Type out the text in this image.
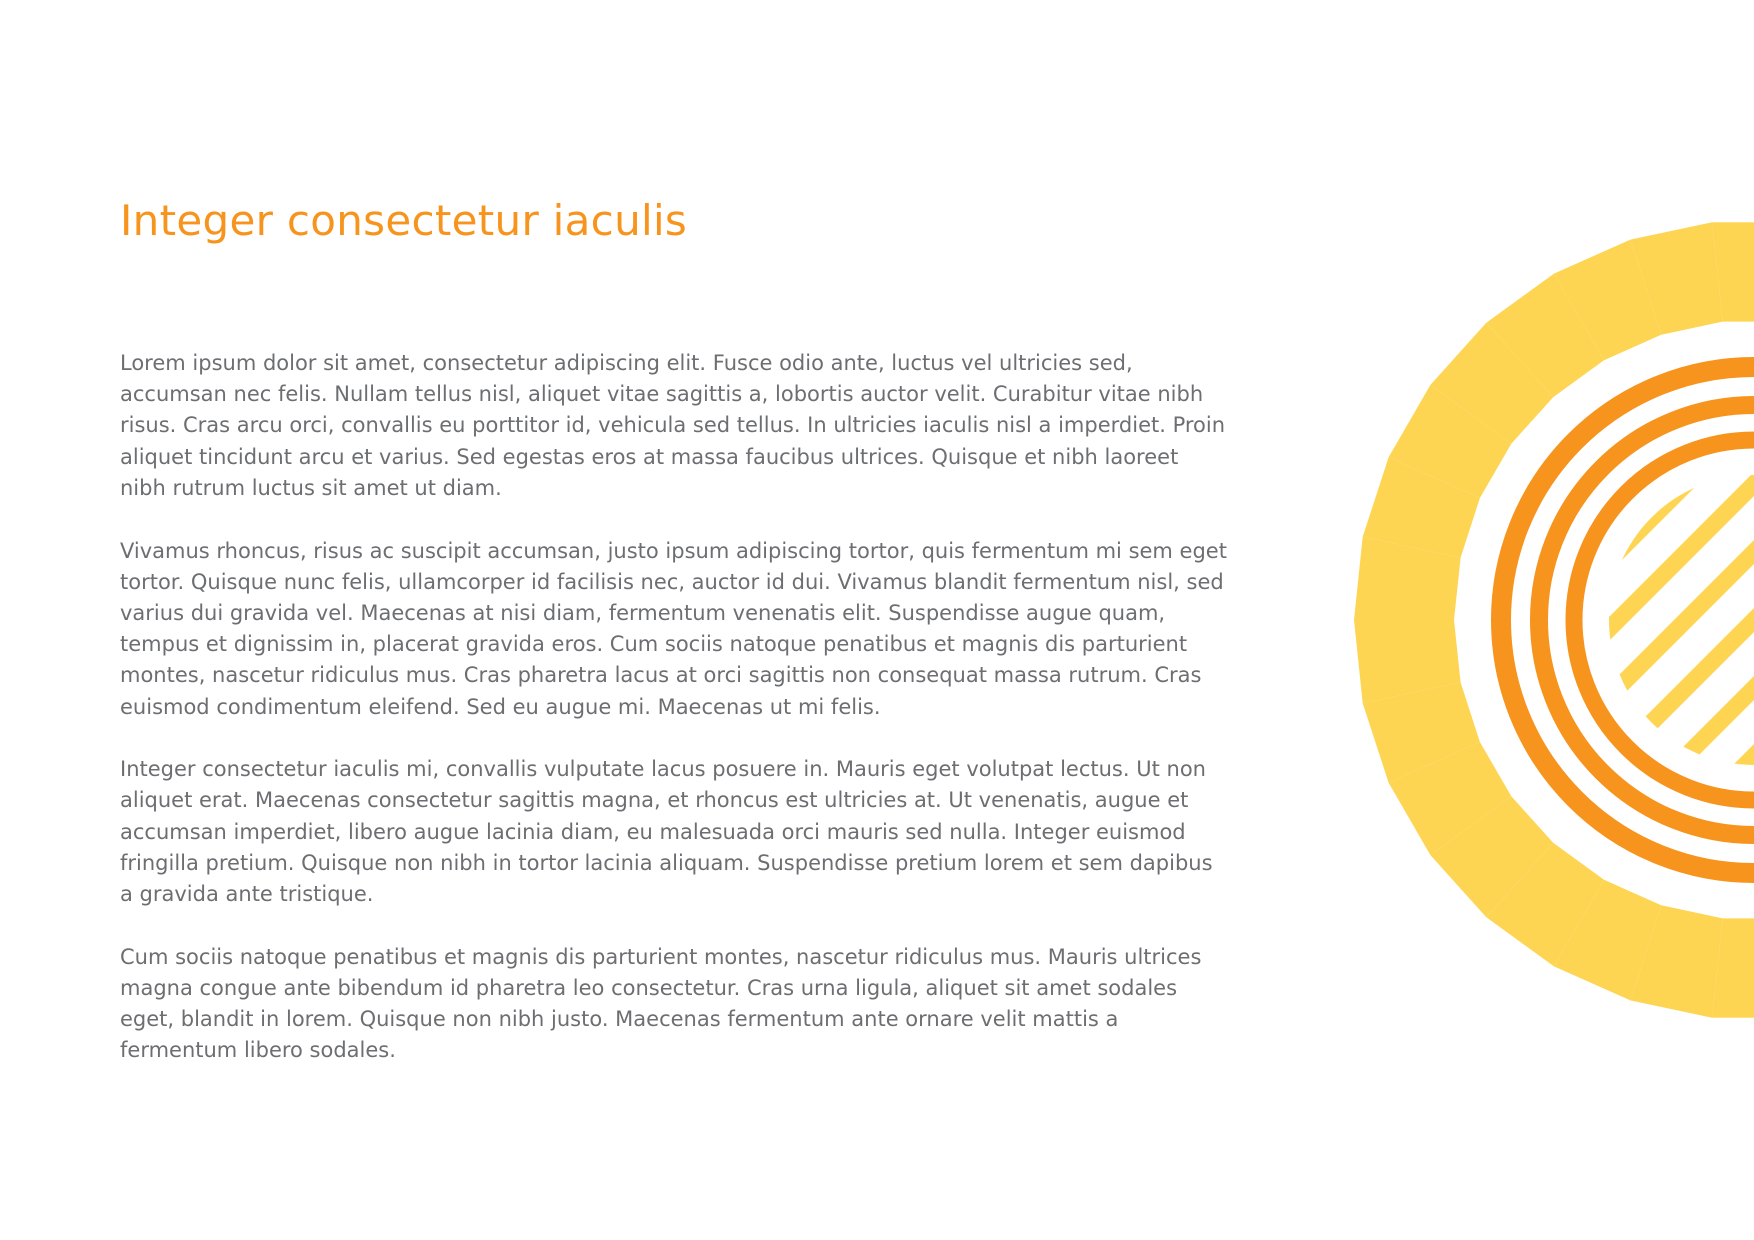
Integer consectetur iaculis

Lorem ipsum dolor sit amet, consectetur adipiscing elit. Fusce odio ante, luctus vel ultricies sed, accumsan nec felis. Nullam tellus nisl, aliquet vitae sagittis a, lobortis auctor velit. Curabitur vitae nibh risus. Cras arcu orci, convallis eu porttitor id, vehicula sed tellus. In ultricies iaculis nisl a imperdiet. Proin aliquet tincidunt arcu et varius. Sed egestas eros at massa faucibus ultrices. Quisque et nibh laoreet nibh rutrum luctus sit amet ut diam.

Vivamus rhoncus, risus ac suscipit accumsan, justo ipsum adipiscing tortor, quis fermentum mi sem eget tortor. Quisque nunc felis, ullamcorper id facilisis nec, auctor id dui. Vivamus blandit fermentum nisl, sed varius dui gravida vel. Maecenas at nisi diam, fermentum venenatis elit. Suspendisse augue quam, tempus et dignissim in, placerat gravida eros. Cum sociis natoque penatibus et magnis dis parturient montes, nascetur ridiculus mus. Cras pharetra lacus at orci sagittis non consequat massa rutrum. Cras euismod condimentum eleifend. Sed eu augue mi. Maecenas ut mi felis.

Integer consectetur iaculis mi, convallis vulputate lacus posuere in. Mauris eget volutpat lectus. Ut non aliquet erat. Maecenas consectetur sagittis magna, et rhoncus est ultricies at. Ut venenatis, augue et accumsan imperdiet, libero augue lacinia diam, eu malesuada orci mauris sed nulla. Integer euismod fringilla pretium. Quisque non nibh in tortor lacinia aliquam. Suspendisse pretium lorem et sem dapibus a gravida ante tristique.

Cum sociis natoque penatibus et magnis dis parturient montes, nascetur ridiculus mus. Mauris ultrices magna congue ante bibendum id pharetra leo consectetur. Cras urna ligula, aliquet sit amet sodales eget, blandit in lorem. Quisque non nibh justo. Maecenas fermentum ante ornare velit mattis a fermentum libero sodales.
